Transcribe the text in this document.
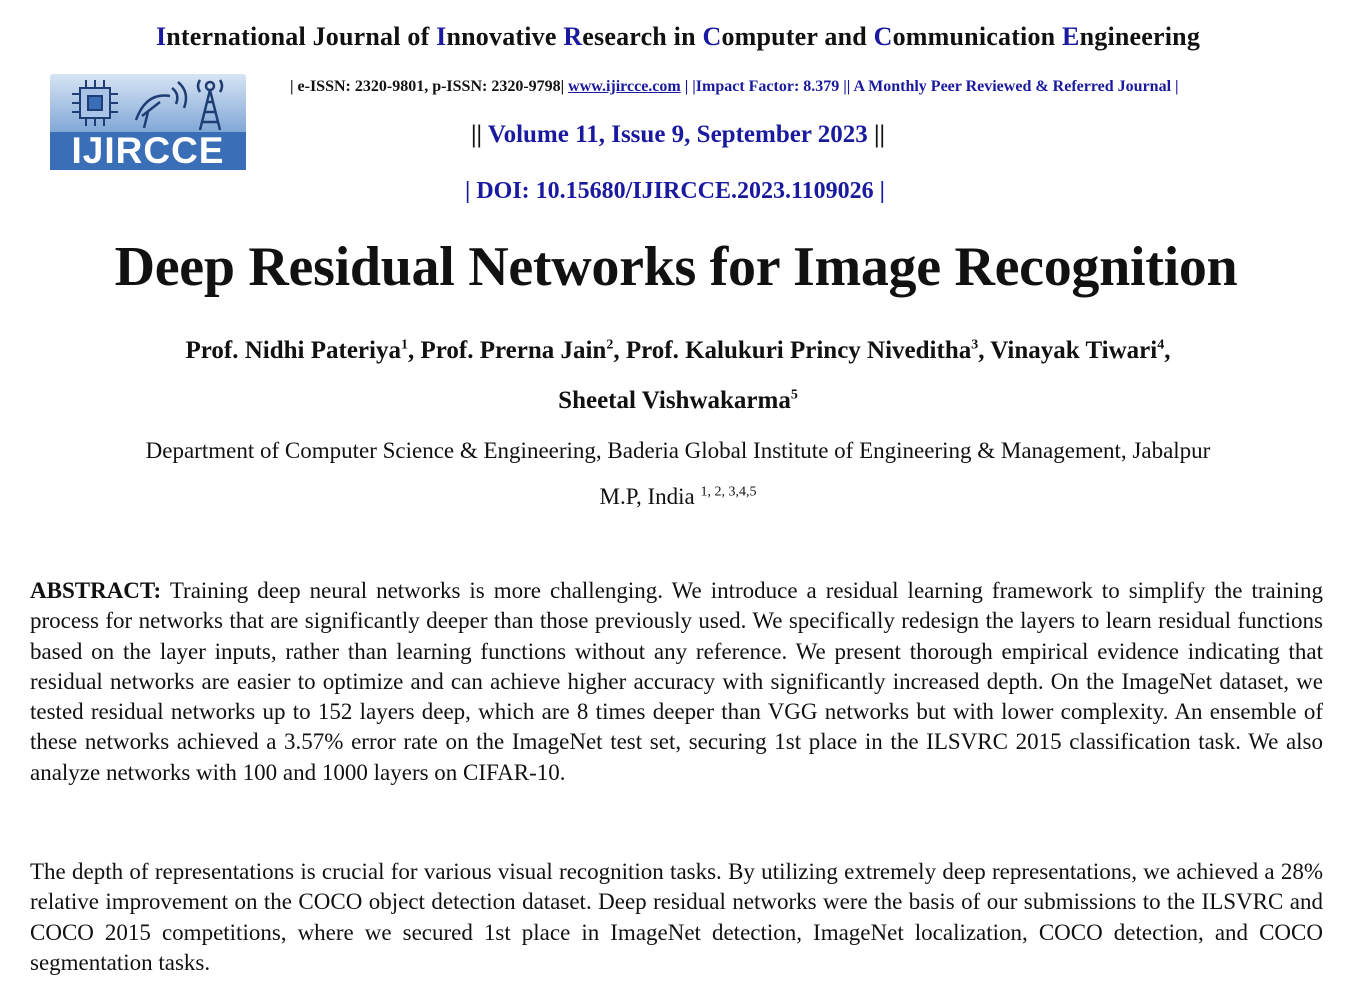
International Journal of Innovative Research in Computer and Communication Engineering
IJIRCCE
| e-ISSN: 2320-9801, p-ISSN: 2320-9798| www.ijircce.com | |Impact Factor: 8.379 || A Monthly Peer Reviewed & Referred Journal |
|| Volume 11, Issue 9, September 2023 ||
| DOI: 10.15680/IJIRCCE.2023.1109026 |
Deep Residual Networks for Image Recognition
Prof. Nidhi Pateriya$^1$, Prof. Prerna Jain$^2$, Prof. Kalukuri Princy Niveditha$^3$, Vinayak Tiwari$^4$,
Sheetal Vishwakarma$^5$
Department of Computer Science & Engineering, Baderia Global Institute of Engineering & Management, Jabalpur
M.P, India $^{1, 2, 3,4,5}$
ABSTRACT: Training deep neural networks is more challenging. We introduce a residual learning framework to simplify the training process for networks that are significantly deeper than those previously used. We specifically redesign the layers to learn residual functions based on the layer inputs, rather than learning functions without any reference. We present thorough empirical evidence indicating that residual networks are easier to optimize and can achieve higher accuracy with significantly increased depth. On the ImageNet dataset, we tested residual networks up to 152 layers deep, which are 8 times deeper than VGG networks but with lower complexity. An ensemble of these networks achieved a 3.57% error rate on the ImageNet test set, securing 1st place in the ILSVRC 2015 classification task. We also analyze networks with 100 and 1000 layers on CIFAR-10.
The depth of representations is crucial for various visual recognition tasks. By utilizing extremely deep representations, we achieved a 28% relative improvement on the COCO object detection dataset. Deep residual networks were the basis of our submissions to the ILSVRC and COCO 2015 competitions, where we secured 1st place in ImageNet detection, ImageNet localization, COCO detection, and COCO segmentation tasks.
